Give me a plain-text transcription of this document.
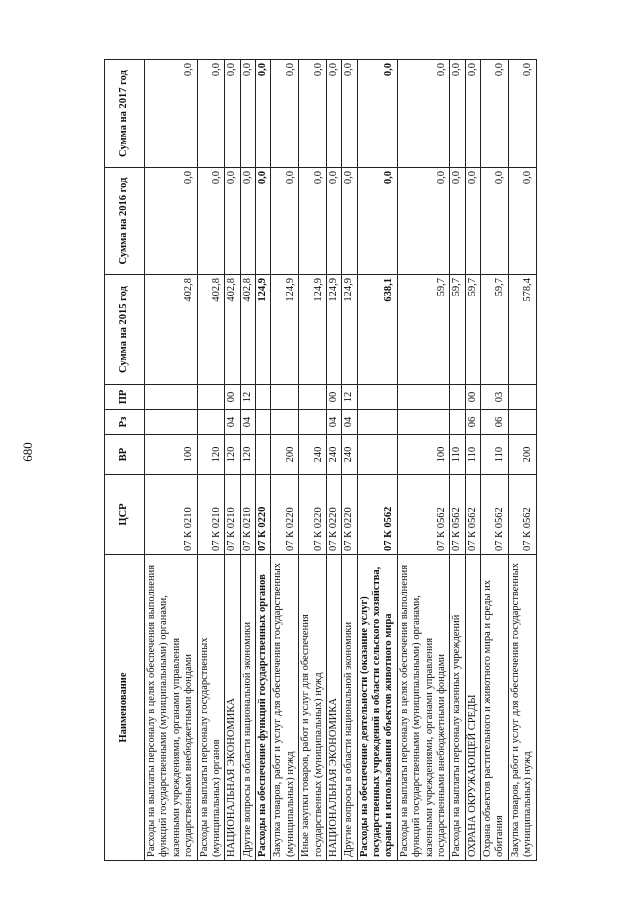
680
Наименование	ЦСР	ВР	Рз	ПР	Сумма на 2015 год	Сумма на 2016 год	Сумма на 2017 год
Расходы на выплаты персоналу в целях обеспечения выполнения функций государственными (муниципальными) органами, казенными учреждениями, органами управления государственными внебюджетными фондами	07 К 0210	100			402,8	0,0	0,0
Расходы на выплаты персоналу государственных (муниципальных) органов	07 К 0210	120			402,8	0,0	0,0
НАЦИОНАЛЬНАЯ ЭКОНОМИКА	07 К 0210	120	04	00	402,8	0,0	0,0
Другие вопросы в области национальной экономики	07 К 0210	120	04	12	402,8	0,0	0,0
Расходы на обеспечение функций государственных органов	07 К 0220				124,9	0,0	0,0
Закупка товаров, работ и услуг для обеспечения государственных (муниципальных) нужд	07 К 0220	200			124,9	0,0	0,0
Иные закупки товаров, работ и услуг для обеспечения государственных (муниципальных) нужд	07 К 0220	240			124,9	0,0	0,0
НАЦИОНАЛЬНАЯ ЭКОНОМИКА	07 К 0220	240	04	00	124,9	0,0	0,0
Другие вопросы в области национальной экономики	07 К 0220	240	04	12	124,9	0,0	0,0
Расходы на обеспечение деятельности (оказание услуг) государственных учреждений в области сельского хозяйства, охраны и использования объектов животного мира	07 К 0562				638,1	0,0	0,0
Расходы на выплаты персоналу в целях обеспечения выполнения функций государственными (муниципальными) органами, казенными учреждениями, органами управления государственными внебюджетными фондами	07 К 0562	100			59,7	0,0	0,0
Расходы на выплаты персоналу казенных учреждений	07 К 0562	110			59,7	0,0	0,0
ОХРАНА ОКРУЖАЮЩЕЙ СРЕДЫ	07 К 0562	110	06	00	59,7	0,0	0,0
Охрана объектов растительного и животного мира и среды их обитания	07 К 0562	110	06	03	59,7	0,0	0,0
Закупка товаров, работ и услуг для обеспечения государственных (муниципальных) нужд	07 К 0562	200			578,4	0,0	0,0
